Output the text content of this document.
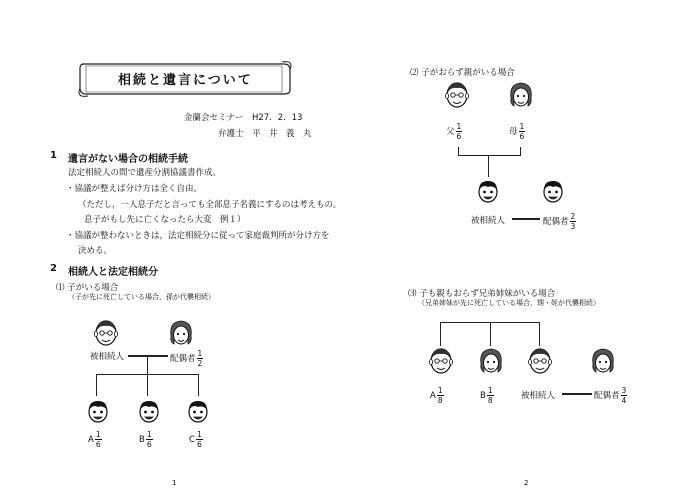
相続と遺言について
金蘭会セミナー　H27．2．13
弁護士　平　井　義　丸
1 遺言がない場合の相続手続
法定相続人の間で遺産分割協議書作成。
・協議が整えば分け方は全く自由。
（ただし，一人息子だと言っても全部息子名義にするのは考えもの。
息子がもし先に亡くなったら大変　例１）
・協議が整わないときは，法定相続分に従って家庭裁判所が分け方を
決める。
2 相続人と法定相続分
⑴ 子がいる場合
（子が先に死亡している場合，孫が代襲相続）
被相続人	配偶者 $\frac{1}{2}$
A $\frac{1}{6}$	B $\frac{1}{6}$	C $\frac{1}{6}$
1
⑵ 子がおらず親がいる場合
父 $\frac{1}{6}$	母 $\frac{1}{6}$
被相続人	配偶者 $\frac{2}{3}$
⑶ 子も親もおらず兄弟姉妹がいる場合
（兄弟姉妹が先に死亡している場合，甥・姪が代襲相続）
A $\frac{1}{8}$	B $\frac{1}{8}$	被相続人	配偶者 $\frac{3}{4}$
2
